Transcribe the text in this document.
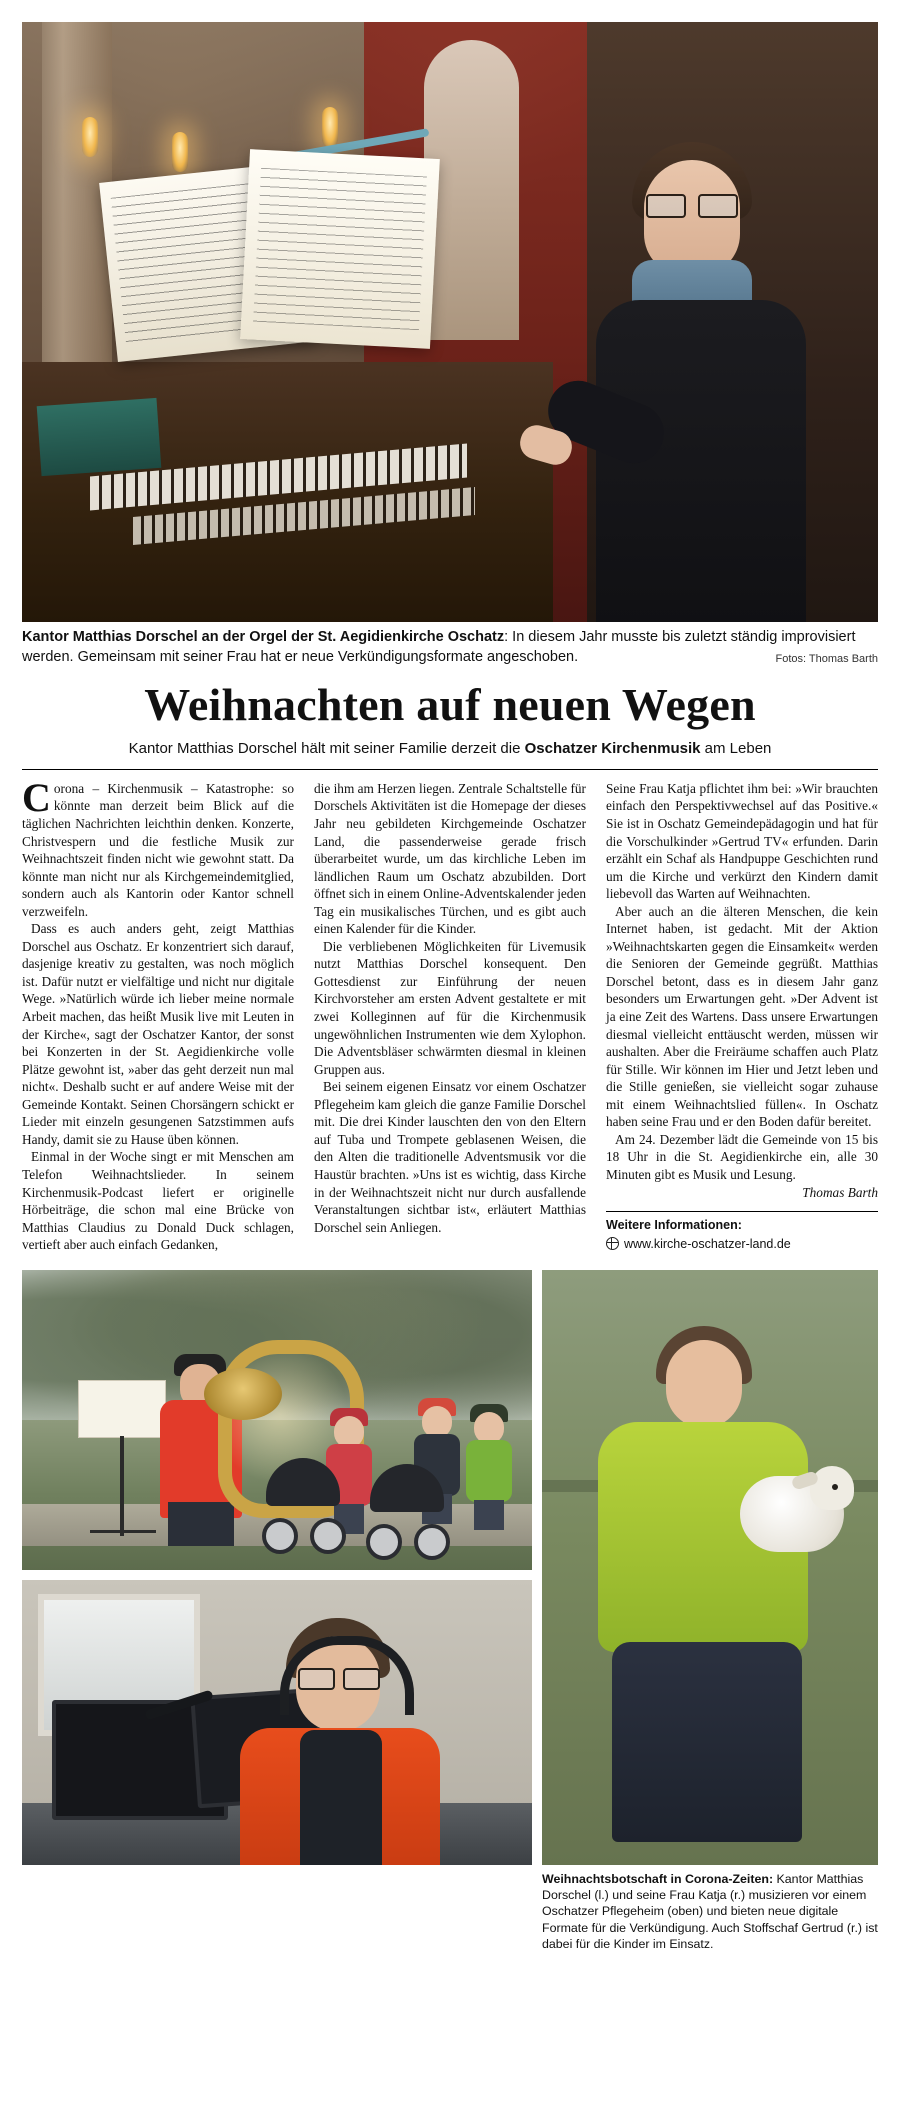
Kantor Matthias Dorschel an der Orgel der St. Aegidienkirche Oschatz: In diesem Jahr musste bis zuletzt ständig improvisiert werden. Gemeinsam mit seiner Frau hat er neue Verkündigungsformate angeschoben.	Fotos: Thomas Barth
Weihnachten auf neuen Wegen
Kantor Matthias Dorschel hält mit seiner Familie derzeit die Oschatzer Kirchenmusik am Leben

Corona – Kirchenmusik – Katastrophe: so könnte man derzeit beim Blick auf die täglichen Nachrichten leichthin denken. Konzerte, Christvespern und die festliche Musik zur Weihnachtszeit finden nicht wie gewohnt statt. Da könnte man nicht nur als Kirchgemeindemitglied, sondern auch als Kantorin oder Kantor schnell verzweifeln.

Dass es auch anders geht, zeigt Matthias Dorschel aus Oschatz. Er konzentriert sich darauf, dasjenige kreativ zu gestalten, was noch möglich ist. Dafür nutzt er vielfältige und nicht nur digitale Wege. »Natürlich würde ich lieber meine normale Arbeit machen, das heißt Musik live mit Leuten in der Kirche«, sagt der Oschatzer Kantor, der sonst bei Konzerten in der St. Aegidienkirche volle Plätze gewohnt ist, »aber das geht derzeit nun mal nicht«. Deshalb sucht er auf andere Weise mit der Gemeinde Kontakt. Seinen Chorsängern schickt er Lieder mit einzeln gesungenen Satzstimmen aufs Handy, damit sie zu Hause üben können.

Einmal in der Woche singt er mit Menschen am Telefon Weihnachtslieder. In seinem Kirchenmusik-Podcast liefert er originelle Hörbeiträge, die schon mal eine Brücke von Matthias Claudius zu Donald Duck schlagen, vertieft aber auch einfach Gedanken,

die ihm am Herzen liegen. Zentrale Schaltstelle für Dorschels Aktivitäten ist die Homepage der dieses Jahr neu gebildeten Kirchgemeinde Oschatzer Land, die passenderweise gerade frisch überarbeitet wurde, um das kirchliche Leben im ländlichen Raum um Oschatz abzubilden. Dort öffnet sich in einem Online-Adventskalender jeden Tag ein musikalisches Türchen, und es gibt auch einen Kalender für die Kinder.

Die verbliebenen Möglichkeiten für Livemusik nutzt Matthias Dorschel konsequent. Den Gottesdienst zur Einführung der neuen Kirchvorsteher am ersten Advent gestaltete er mit zwei Kolleginnen auf für die Kirchenmusik ungewöhnlichen Instrumenten wie dem Xylophon. Die Adventsbläser schwärmten diesmal in kleinen Gruppen aus.

Bei seinem eigenen Einsatz vor einem Oschatzer Pflegeheim kam gleich die ganze Familie Dorschel mit. Die drei Kinder lauschten den von den Eltern auf Tuba und Trompete geblasenen Weisen, die den Alten die traditionelle Adventsmusik vor die Haustür brachten. »Uns ist es wichtig, dass Kirche in der Weihnachtszeit nicht nur durch ausfallende Veranstaltungen sichtbar ist«, erläutert Matthias Dorschel sein Anliegen.

Seine Frau Katja pflichtet ihm bei: »Wir brauchten einfach den Perspektivwechsel auf das Positive.« Sie ist in Oschatz Gemeindepädagogin und hat für die Vorschulkinder »Gertrud TV« erfunden. Darin erzählt ein Schaf als Handpuppe Geschichten rund um die Kirche und verkürzt den Kindern damit liebevoll das Warten auf Weihnachten.

Aber auch an die älteren Menschen, die kein Internet haben, ist gedacht. Mit der Aktion »Weihnachtskarten gegen die Einsamkeit« werden die Senioren der Gemeinde gegrüßt. Matthias Dorschel betont, dass es in diesem Jahr ganz besonders um Erwartungen geht. »Der Advent ist ja eine Zeit des Wartens. Dass unsere Erwartungen diesmal vielleicht enttäuscht werden, müssen wir aushalten. Aber die Freiräume schaffen auch Platz für Stille. Wir können im Hier und Jetzt leben und die Stille genießen, sie vielleicht sogar zuhause mit einem Weihnachtslied füllen«. In Oschatz haben seine Frau und er den Boden dafür bereitet.

Am 24. Dezember lädt die Gemeinde von 15 bis 18 Uhr in die St. Aegidienkirche ein, alle 30 Minuten gibt es Musik und Lesung.

Thomas Barth
Weitere Informationen:
www.kirche-oschatzer-land.de
Weihnachtsbotschaft in Corona-Zeiten: Kantor Matthias Dorschel (l.) und seine Frau Katja (r.) musizieren vor einem Oschatzer Pflegeheim (oben) und bieten neue digitale Formate für die Verkündigung. Auch Stoffschaf Gertrud (r.) ist dabei für die Kinder im Einsatz.
